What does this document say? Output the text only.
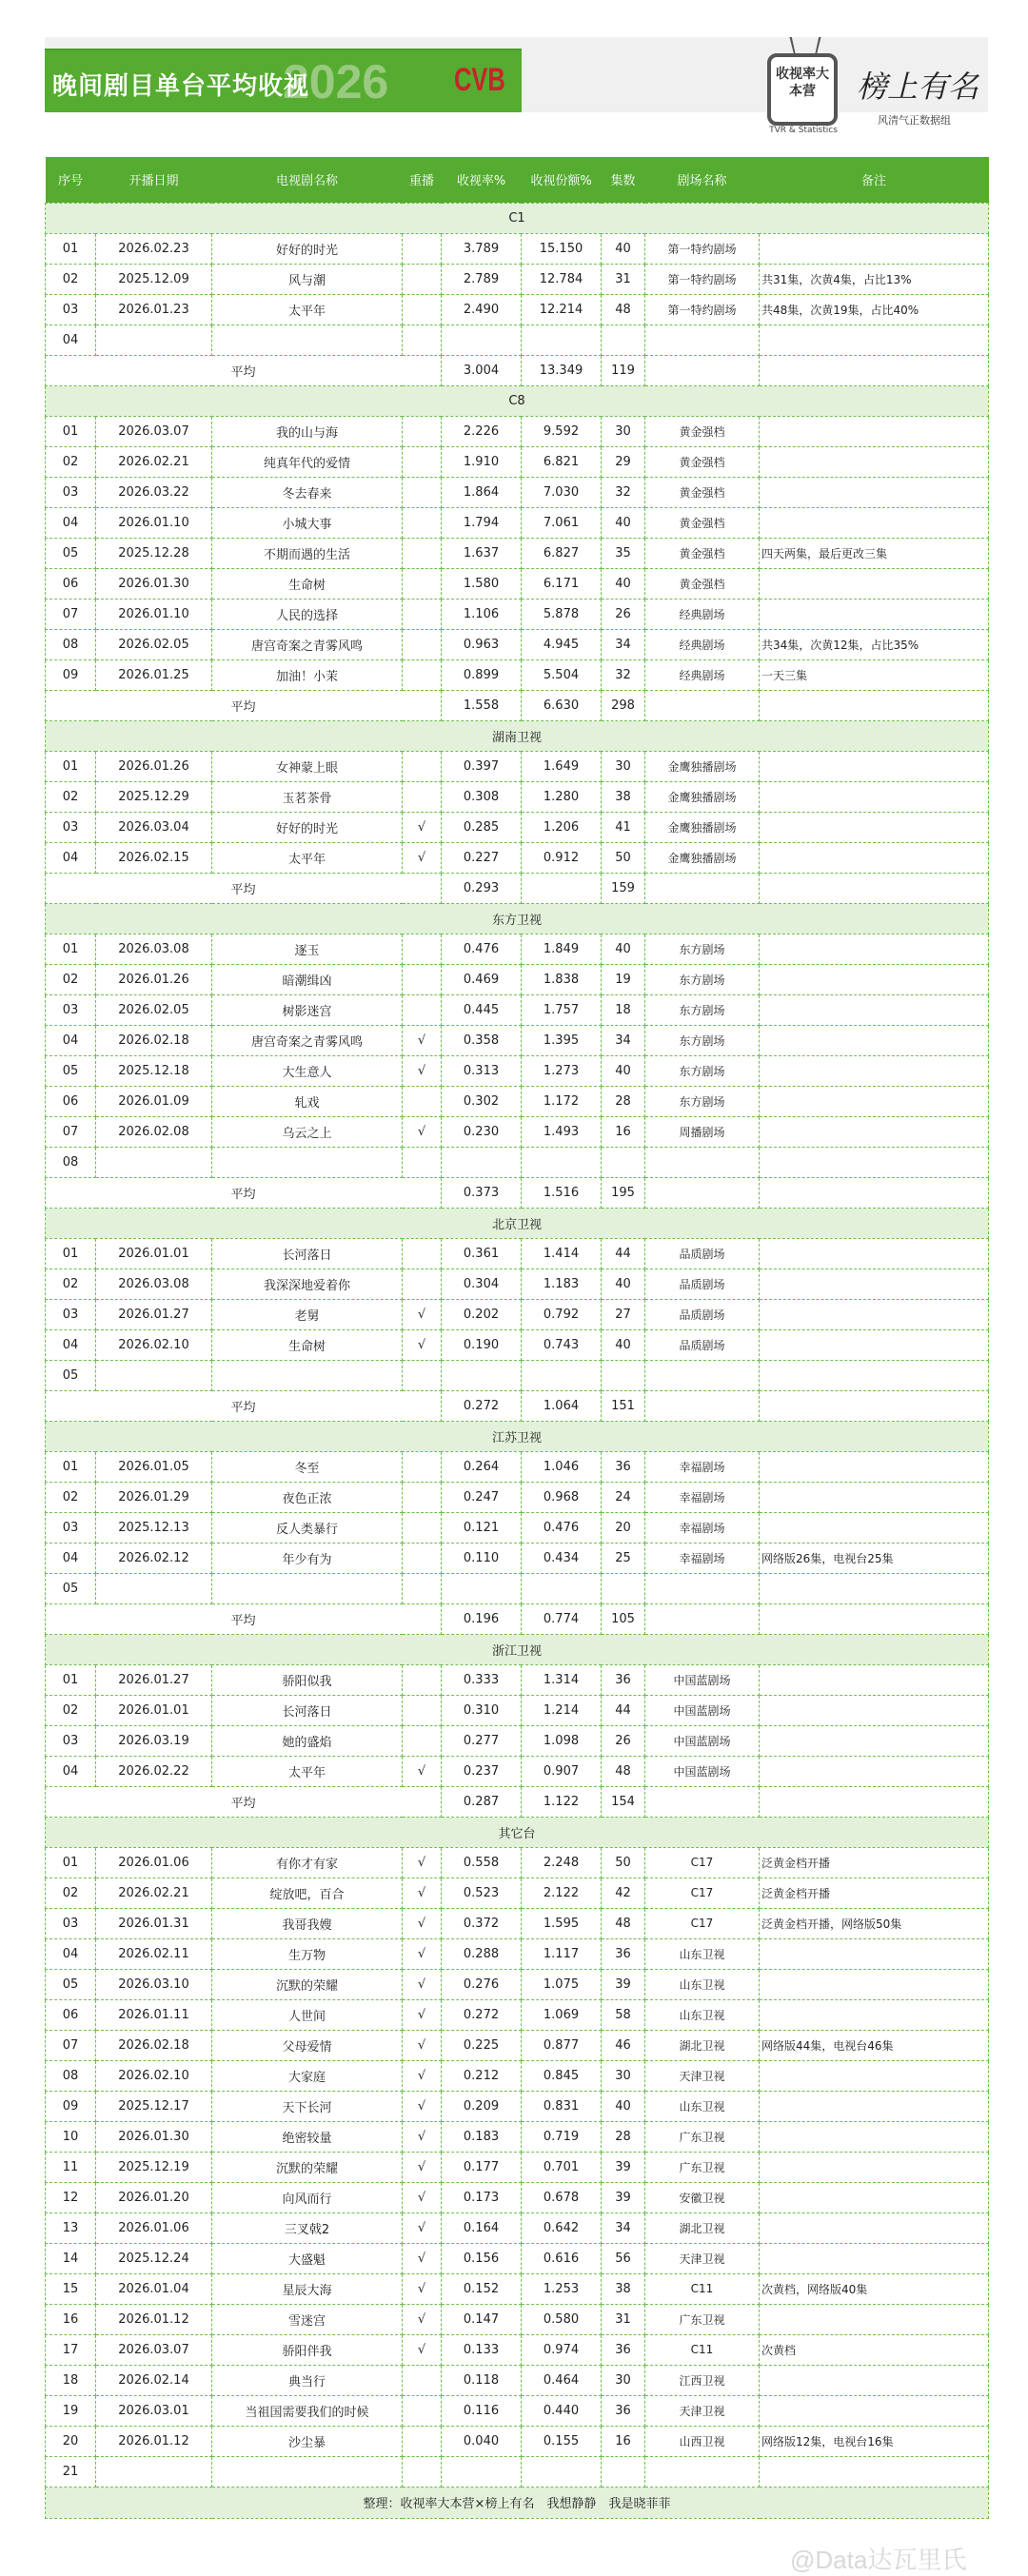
2026
晚间剧目单台平均收视	CVB	收视率大本营
TVR & Statistics
榜上有名
风清气正数据组
序号	开播日期	电视剧名称	重播	收视率%	收视份额%	集数	剧场名称	备注
C1								
01	2026.02.23	好好的时光		3.789	15.150	40	第一特约剧场	
02	2025.12.09	风与潮		2.789	12.784	31	第一特约剧场	共31集，次黄4集，占比13%
03	2026.01.23	太平年		2.490	12.214	48	第一特约剧场	共48集，次黄19集，占比40%
04								
平均				3.004	13.349	119		
C8								
01	2026.03.07	我的山与海		2.226	9.592	30	黄金强档	
02	2026.02.21	纯真年代的爱情		1.910	6.821	29	黄金强档	
03	2026.03.22	冬去春来		1.864	7.030	32	黄金强档	
04	2026.01.10	小城大事		1.794	7.061	40	黄金强档	
05	2025.12.28	不期而遇的生活		1.637	6.827	35	黄金强档	四天两集，最后更改三集
06	2026.01.30	生命树		1.580	6.171	40	黄金强档	
07	2026.01.10	人民的选择		1.106	5.878	26	经典剧场	
08	2026.02.05	唐宫奇案之青雾风鸣		0.963	4.945	34	经典剧场	共34集，次黄12集，占比35%
09	2026.01.25	加油！小茉		0.899	5.504	32	经典剧场	一天三集
平均				1.558	6.630	298		
湖南卫视								
01	2026.01.26	女神蒙上眼		0.397	1.649	30	金鹰独播剧场	
02	2025.12.29	玉茗茶骨		0.308	1.280	38	金鹰独播剧场	
03	2026.03.04	好好的时光	√	0.285	1.206	41	金鹰独播剧场	
04	2026.02.15	太平年	√	0.227	0.912	50	金鹰独播剧场	
平均				0.293		159		
东方卫视								
01	2026.03.08	逐玉		0.476	1.849	40	东方剧场	
02	2026.01.26	暗潮缉凶		0.469	1.838	19	东方剧场	
03	2026.02.05	树影迷宫		0.445	1.757	18	东方剧场	
04	2026.02.18	唐宫奇案之青雾风鸣	√	0.358	1.395	34	东方剧场	
05	2025.12.18	大生意人	√	0.313	1.273	40	东方剧场	
06	2026.01.09	轧戏		0.302	1.172	28	东方剧场	
07	2026.02.08	乌云之上	√	0.230	1.493	16	周播剧场	
08								
平均				0.373	1.516	195		
北京卫视								
01	2026.01.01	长河落日		0.361	1.414	44	品质剧场	
02	2026.03.08	我深深地爱着你		0.304	1.183	40	品质剧场	
03	2026.01.27	老舅	√	0.202	0.792	27	品质剧场	
04	2026.02.10	生命树	√	0.190	0.743	40	品质剧场	
05								
平均				0.272	1.064	151		
江苏卫视								
01	2026.01.05	冬至		0.264	1.046	36	幸福剧场	
02	2026.01.29	夜色正浓		0.247	0.968	24	幸福剧场	
03	2025.12.13	反人类暴行		0.121	0.476	20	幸福剧场	
04	2026.02.12	年少有为		0.110	0.434	25	幸福剧场	网络版26集，电视台25集
05								
平均				0.196	0.774	105		
浙江卫视								
01	2026.01.27	骄阳似我		0.333	1.314	36	中国蓝剧场	
02	2026.01.01	长河落日		0.310	1.214	44	中国蓝剧场	
03	2026.03.19	她的盛焰		0.277	1.098	26	中国蓝剧场	
04	2026.02.22	太平年	√	0.237	0.907	48	中国蓝剧场	
平均				0.287	1.122	154		
其它台								
01	2026.01.06	有你才有家	√	0.558	2.248	50	C17	泛黄金档开播
02	2026.02.21	绽放吧，百合	√	0.523	2.122	42	C17	泛黄金档开播
03	2026.01.31	我哥我嫂	√	0.372	1.595	48	C17	泛黄金档开播，网络版50集
04	2026.02.11	生万物	√	0.288	1.117	36	山东卫视	
05	2026.03.10	沉默的荣耀	√	0.276	1.075	39	山东卫视	
06	2026.01.11	人世间	√	0.272	1.069	58	山东卫视	
07	2026.02.18	父母爱情	√	0.225	0.877	46	湖北卫视	网络版44集，电视台46集
08	2026.02.10	大家庭	√	0.212	0.845	30	天津卫视	
09	2025.12.17	天下长河	√	0.209	0.831	40	山东卫视	
10	2026.01.30	绝密较量	√	0.183	0.719	28	广东卫视	
11	2025.12.19	沉默的荣耀	√	0.177	0.701	39	广东卫视	
12	2026.01.20	向风而行	√	0.173	0.678	39	安徽卫视	
13	2026.01.06	三叉戟2	√	0.164	0.642	34	湖北卫视	
14	2025.12.24	大盛魁	√	0.156	0.616	56	天津卫视	
15	2026.01.04	星辰大海	√	0.152	1.253	38	C11	次黄档，网络版40集
16	2026.01.12	雪迷宫	√	0.147	0.580	31	广东卫视	
17	2026.03.07	骄阳伴我	√	0.133	0.974	36	C11	次黄档
18	2026.02.14	典当行		0.118	0.464	30	江西卫视	
19	2026.03.01	当祖国需要我们的时候		0.116	0.440	36	天津卫视	
20	2026.01.12	沙尘暴		0.040	0.155	16	山西卫视	网络版12集，电视台16集
21								
整理：收视率大本营×榜上有名　我想静静　我是晓菲菲								
@Data达瓦里氏
